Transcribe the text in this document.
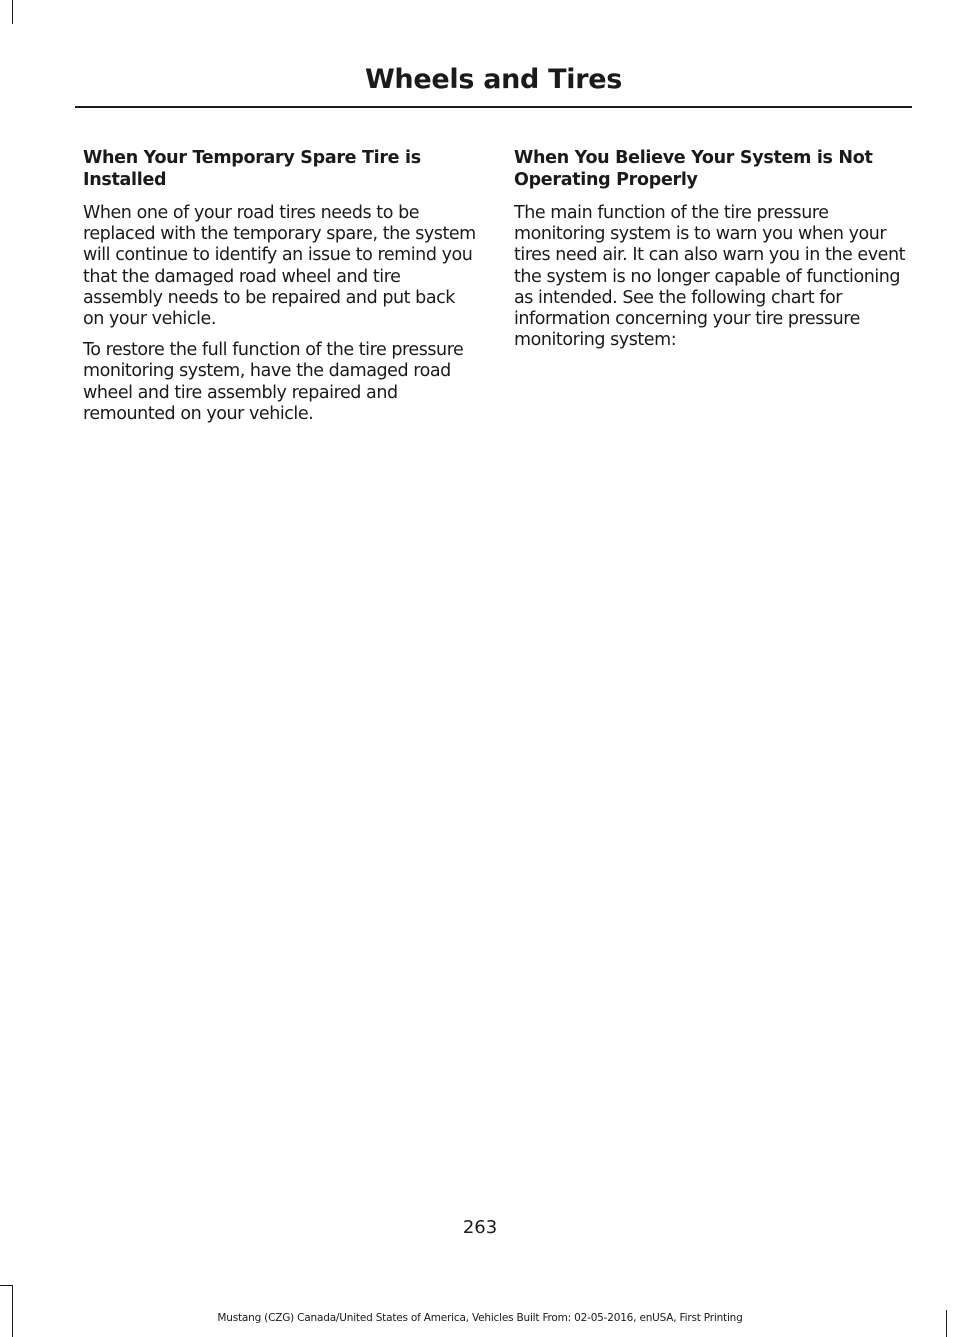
Wheels and Tires
When Your Temporary Spare Tire is Installed

When one of your road tires needs to be replaced with the temporary spare, the system will continue to identify an issue to remind you that the damaged road wheel and tire assembly needs to be repaired and put back on your vehicle.

To restore the full function of the tire pressure monitoring system, have the damaged road wheel and tire assembly repaired and remounted on your vehicle.

When You Believe Your System is Not Operating Properly

The main function of the tire pressure monitoring system is to warn you when your tires need air. It can also warn you in the event the system is no longer capable of functioning as intended. See the following chart for information concerning your tire pressure monitoring system:

263
Mustang (CZG) Canada/United States of America, Vehicles Built From: 02-05-2016, enUSA, First Printing
